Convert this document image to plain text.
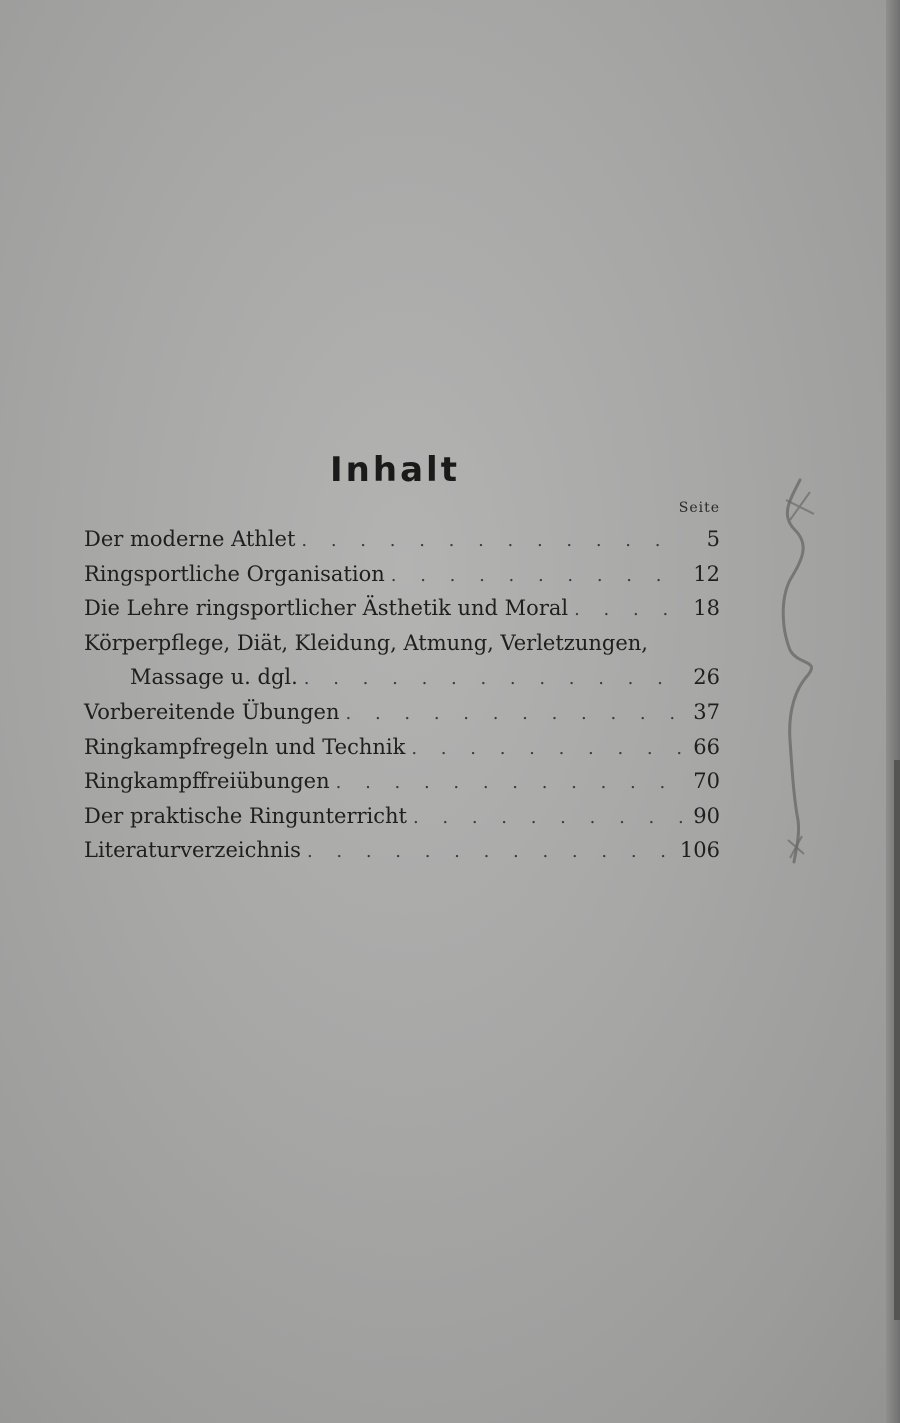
Inhalt
Seite
Der moderne Athlet . . .	5
Ringsportliche Organisation . . .	12
Die Lehre ringsportlicher Ästhetik und Moral . . .	18
Körperpflege, Diät, Kleidung, Atmung, Verletzungen,
Massage u. dgl. . . .	26
Vorbereitende Übungen . . .	37
Ringkampfregeln und Technik . . .	66
Ringkampffreiübungen . . .	70
Der praktische Ringunterricht . . .	90
Literaturverzeichnis . . .	106
